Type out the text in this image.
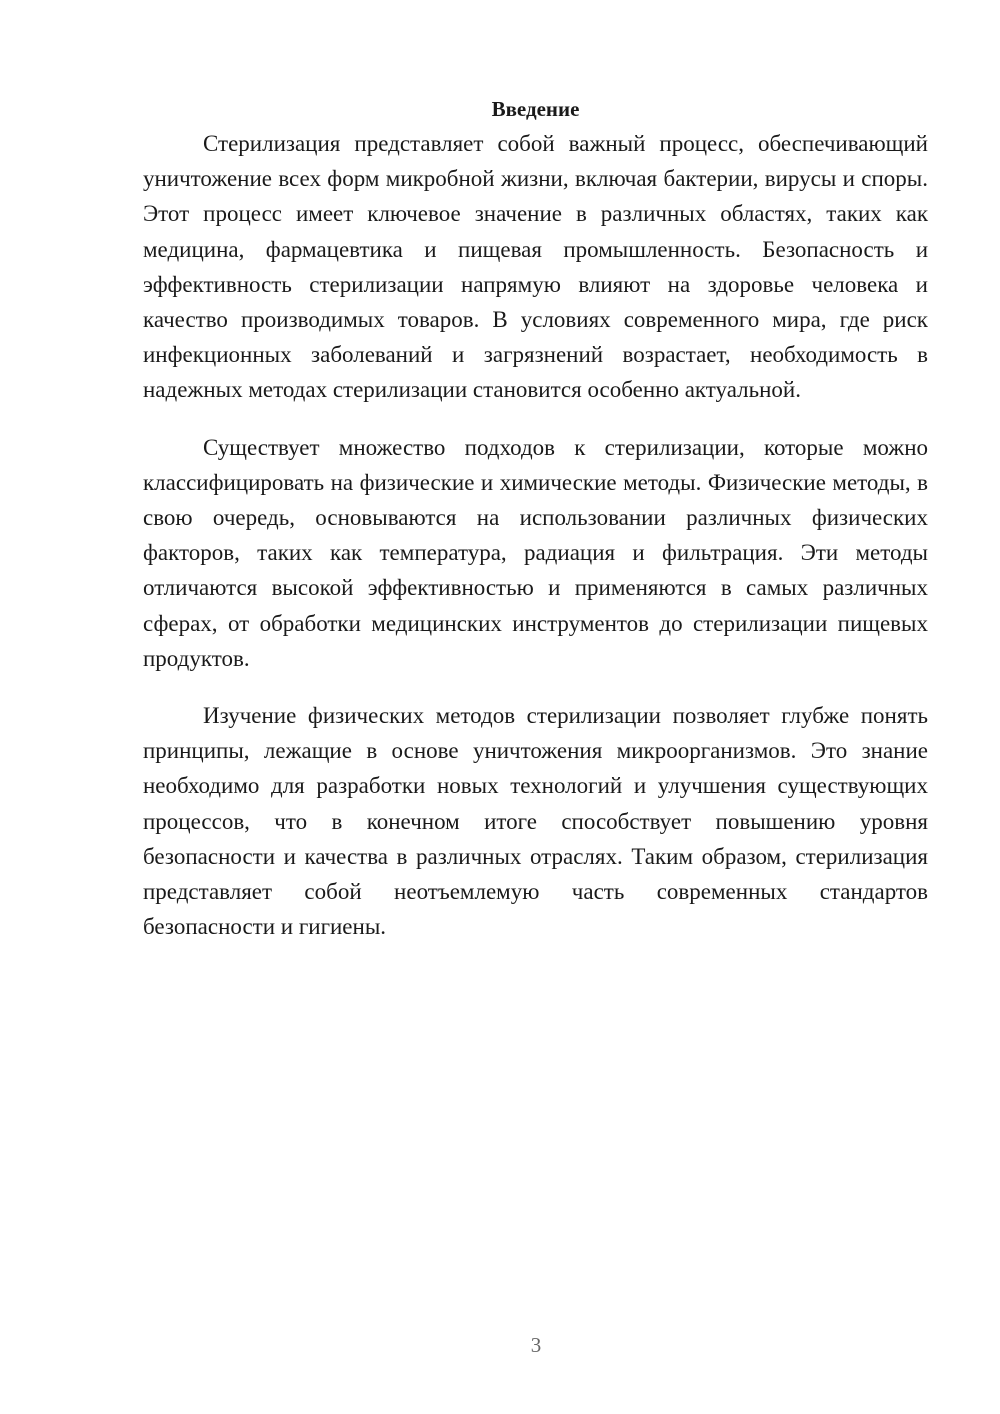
Введение

Стерилизация представляет собой важный процесс, обеспечивающий уничтожение всех форм микробной жизни, включая бактерии, вирусы и споры. Этот процесс имеет ключевое значение в различных областях, таких как медицина, фармацевтика и пищевая промышленность. Безопасность и эффективность стерилизации напрямую влияют на здоровье человека и качество производимых товаров. В условиях современного мира, где риск инфекционных заболеваний и загрязнений возрастает, необходимость в надежных методах стерилизации становится особенно актуальной.

Существует множество подходов к стерилизации, которые можно классифицировать на физические и химические методы. Физические методы, в свою очередь, основываются на использовании различных физических факторов, таких как температура, радиация и фильтрация. Эти методы отличаются высокой эффективностью и применяются в самых различных сферах, от обработки медицинских инструментов до стерилизации пищевых продуктов.

Изучение физических методов стерилизации позволяет глубже понять принципы, лежащие в основе уничтожения микроорганизмов. Это знание необходимо для разработки новых технологий и улучшения существующих процессов, что в конечном итоге способствует повышению уровня безопасности и качества в различных отраслях. Таким образом, стерилизация представляет собой неотъемлемую часть современных стандартов безопасности и гигиены.

3
